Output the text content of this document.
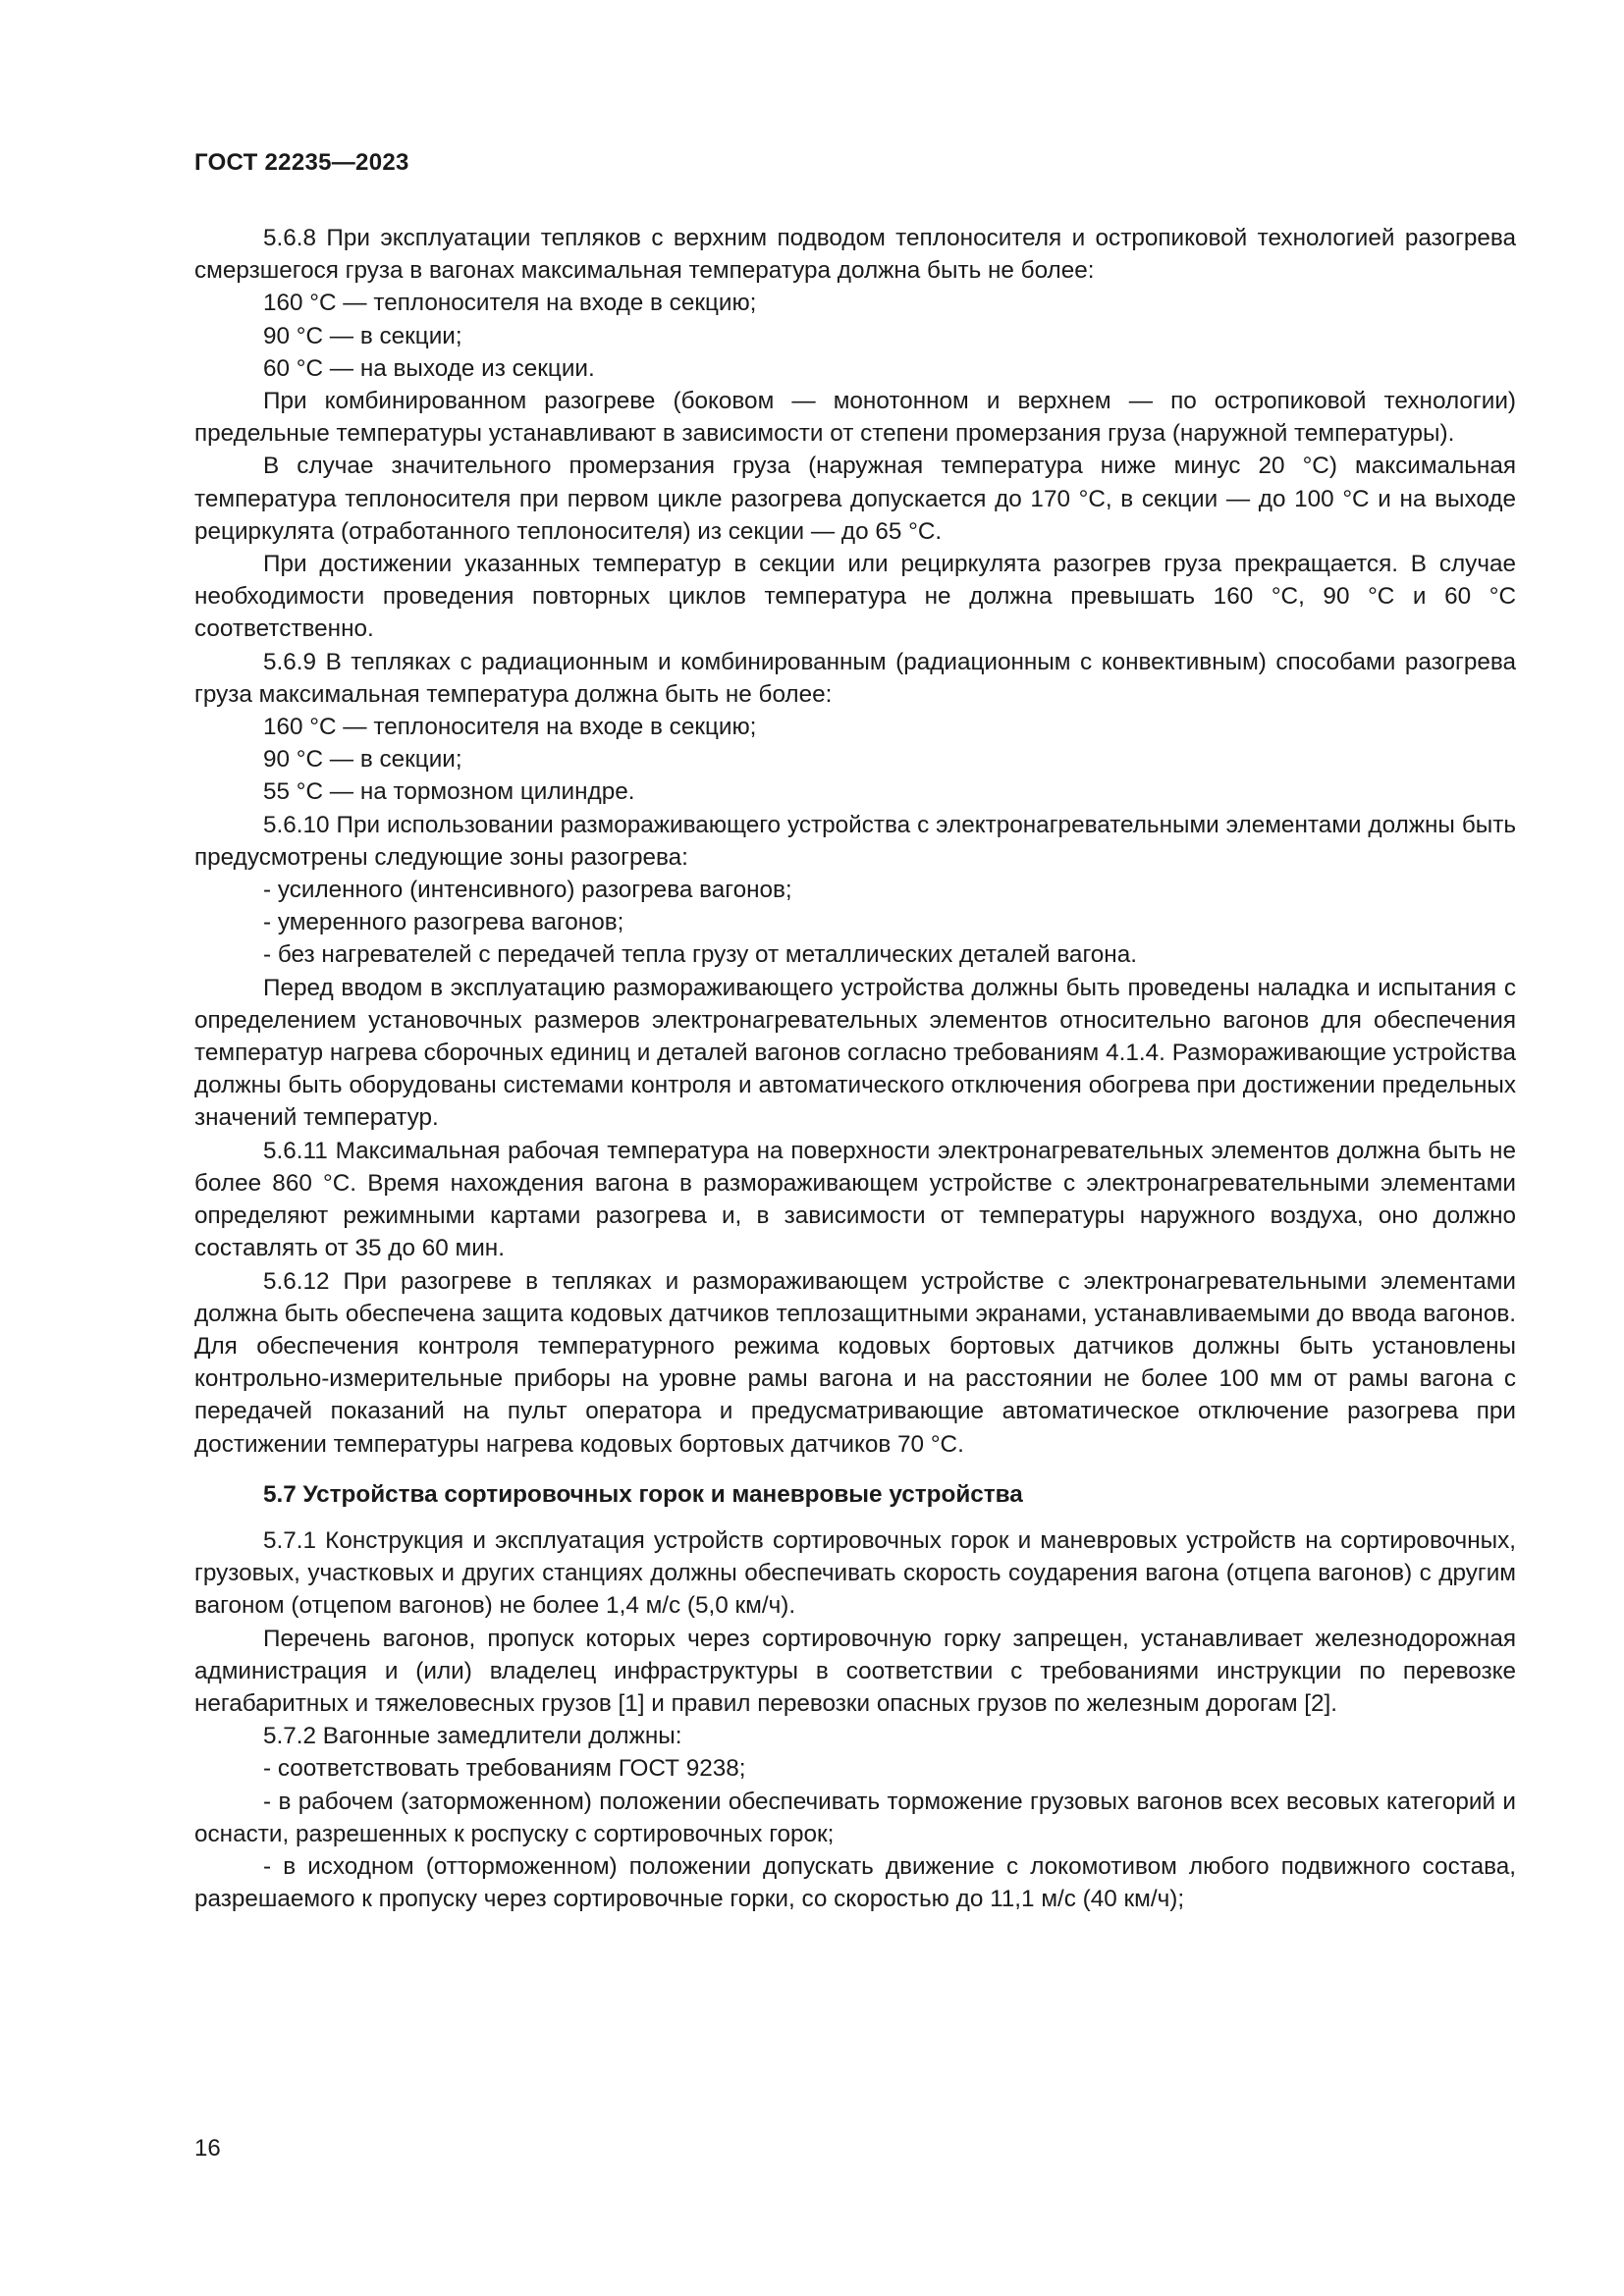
ГОСТ 22235—2023

5.6.8 При эксплуатации тепляков с верхним подводом теплоносителя и остропиковой технологией разогрева смерзшегося груза в вагонах максимальная температура должна быть не более:

160 °С — теплоносителя на входе в секцию;

90 °С — в секции;

60 °С — на выходе из секции.

При комбинированном разогреве (боковом — монотонном и верхнем — по остропиковой технологии) предельные температуры устанавливают в зависимости от степени промерзания груза (наружной температуры).

В случае значительного промерзания груза (наружная температура ниже минус 20 °С) максимальная температура теплоносителя при первом цикле разогрева допускается до 170 °С, в секции — до 100 °С и на выходе рециркулята (отработанного теплоносителя) из секции — до 65 °С.

При достижении указанных температур в секции или рециркулята разогрев груза прекращается. В случае необходимости проведения повторных циклов температура не должна превышать 160 °С, 90 °С и 60 °С соответственно.

5.6.9 В тепляках с радиационным и комбинированным (радиационным с конвективным) способами разогрева груза максимальная температура должна быть не более:

160 °С — теплоносителя на входе в секцию;

90 °С — в секции;

55 °С — на тормозном цилиндре.

5.6.10 При использовании размораживающего устройства с электронагревательными элементами должны быть предусмотрены следующие зоны разогрева:

- усиленного (интенсивного) разогрева вагонов;

- умеренного разогрева вагонов;

- без нагревателей с передачей тепла грузу от металлических деталей вагона.

Перед вводом в эксплуатацию размораживающего устройства должны быть проведены наладка и испытания с определением установочных размеров электронагревательных элементов относительно вагонов для обеспечения температур нагрева сборочных единиц и деталей вагонов согласно требованиям 4.1.4. Размораживающие устройства должны быть оборудованы системами контроля и автоматического отключения обогрева при достижении предельных значений температур.

5.6.11 Максимальная рабочая температура на поверхности электронагревательных элементов должна быть не более 860 °С. Время нахождения вагона в размораживающем устройстве с электронагревательными элементами определяют режимными картами разогрева и, в зависимости от температуры наружного воздуха, оно должно составлять от 35 до 60 мин.

5.6.12 При разогреве в тепляках и размораживающем устройстве с электронагревательными элементами должна быть обеспечена защита кодовых датчиков теплозащитными экранами, устанавливаемыми до ввода вагонов. Для обеспечения контроля температурного режима кодовых бортовых датчиков должны быть установлены контрольно-измерительные приборы на уровне рамы вагона и на расстоянии не более 100 мм от рамы вагона с передачей показаний на пульт оператора и предусматривающие автоматическое отключение разогрева при достижении температуры нагрева кодовых бортовых датчиков 70 °С.

5.7 Устройства сортировочных горок и маневровые устройства

5.7.1 Конструкция и эксплуатация устройств сортировочных горок и маневровых устройств на сортировочных, грузовых, участковых и других станциях должны обеспечивать скорость соударения вагона (отцепа вагонов) с другим вагоном (отцепом вагонов) не более 1,4 м/с (5,0 км/ч).

Перечень вагонов, пропуск которых через сортировочную горку запрещен, устанавливает железнодорожная администрация и (или) владелец инфраструктуры в соответствии с требованиями инструкции по перевозке негабаритных и тяжеловесных грузов [1] и правил перевозки опасных грузов по железным дорогам [2].

5.7.2 Вагонные замедлители должны:

- соответствовать требованиям ГОСТ 9238;

- в рабочем (заторможенном) положении обеспечивать торможение грузовых вагонов всех весовых категорий и оснасти, разрешенных к роспуску с сортировочных горок;

- в исходном (отторможенном) положении допускать движение с локомотивом любого подвижного состава, разрешаемого к пропуску через сортировочные горки, со скоростью до 11,1 м/с (40 км/ч);

16
